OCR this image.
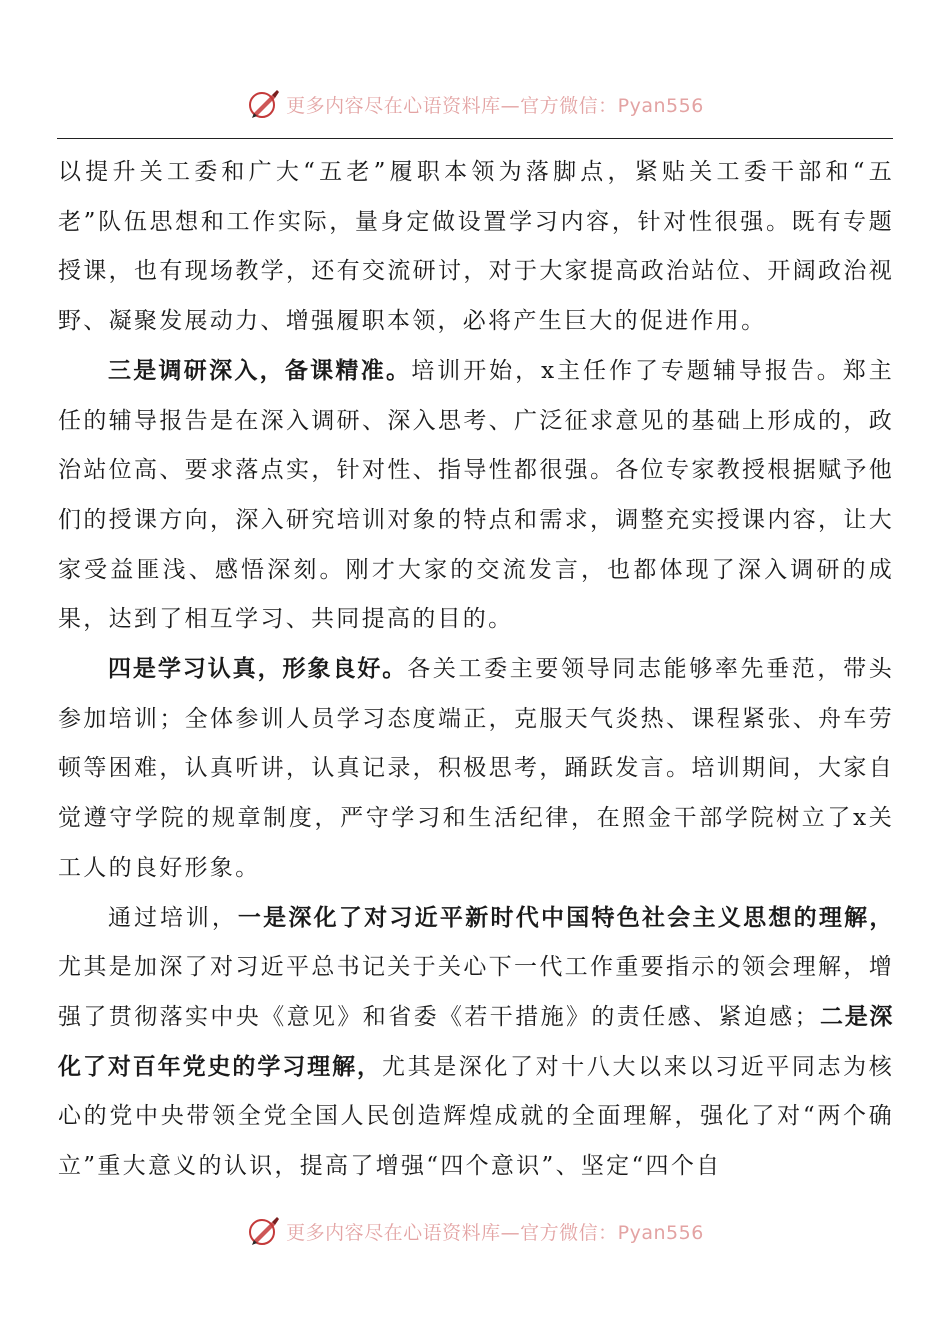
更多内容尽在心语资料库—官方微信：Pyan556

以提升关工委和广大“五老”履职本领为落脚点，紧贴关工委干部和“五老”队伍思想和工作实际，量身定做设置学习内容，针对性很强。既有专题授课，也有现场教学，还有交流研讨，对于大家提高政治站位、开阔政治视野、凝聚发展动力、增强履职本领，必将产生巨大的促进作用。

三是调研深入，备课精准。培训开始，x主任作了专题辅导报告。郑主任的辅导报告是在深入调研、深入思考、广泛征求意见的基础上形成的，政治站位高、要求落点实，针对性、指导性都很强。各位专家教授根据赋予他们的授课方向，深入研究培训对象的特点和需求，调整充实授课内容，让大家受益匪浅、感悟深刻。刚才大家的交流发言，也都体现了深入调研的成果，达到了相互学习、共同提高的目的。

四是学习认真，形象良好。各关工委主要领导同志能够率先垂范，带头参加培训；全体参训人员学习态度端正，克服天气炎热、课程紧张、舟车劳顿等困难，认真听讲，认真记录，积极思考，踊跃发言。培训期间，大家自觉遵守学院的规章制度，严守学习和生活纪律，在照金干部学院树立了x关工人的良好形象。

通过培训，一是深化了对习近平新时代中国特色社会主义思想的理解，尤其是加深了对习近平总书记关于关心下一代工作重要指示的领会理解，增强了贯彻落实中央《意见》和省委《若干措施》的责任感、紧迫感；二是深化了对百年党史的学习理解，尤其是深化了对十八大以来以习近平同志为核心的党中央带领全党全国人民创造辉煌成就的全面理解，强化了对“两个确立”重大意义的认识，提高了增强“四个意识”、坚定“四个自

更多内容尽在心语资料库—官方微信：Pyan556
